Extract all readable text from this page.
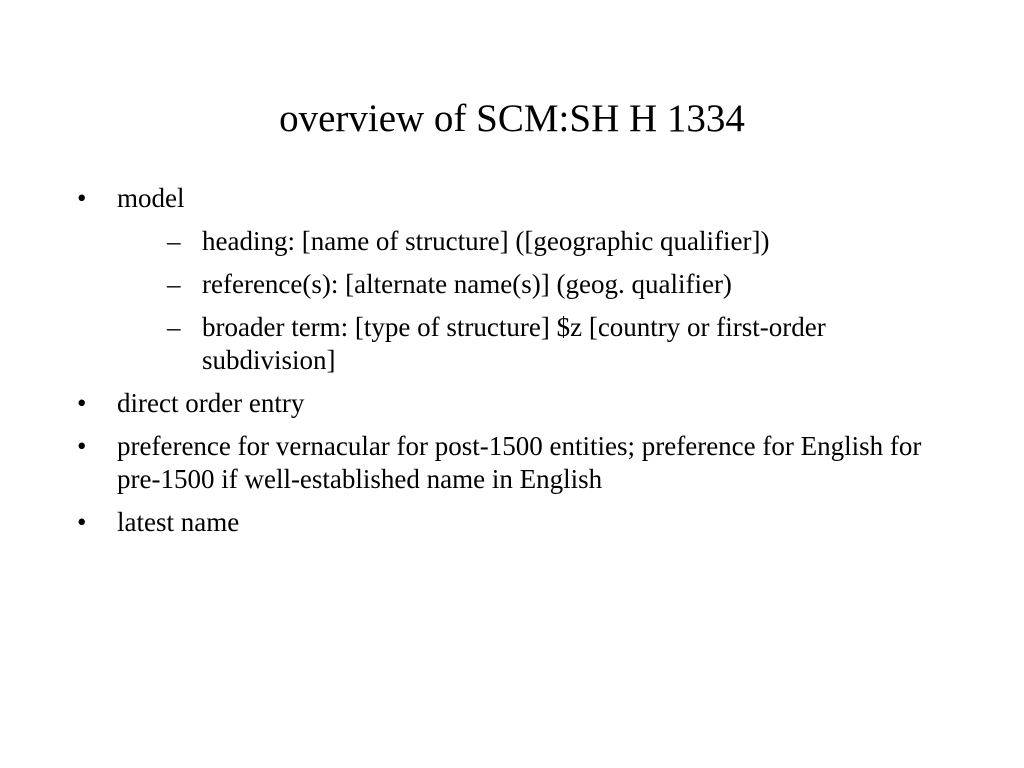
overview of SCM:SH H 1334
•	model
– heading: [name of structure] ([geographic qualifier])
– reference(s): [alternate name(s)] (geog. qualifier)
– broader term: [type of structure] $z [country or first-order subdivision]
•	direct order entry
•	preference for vernacular for post-1500 entities; preference for English for pre-1500 if well-established name in English
•	latest name
